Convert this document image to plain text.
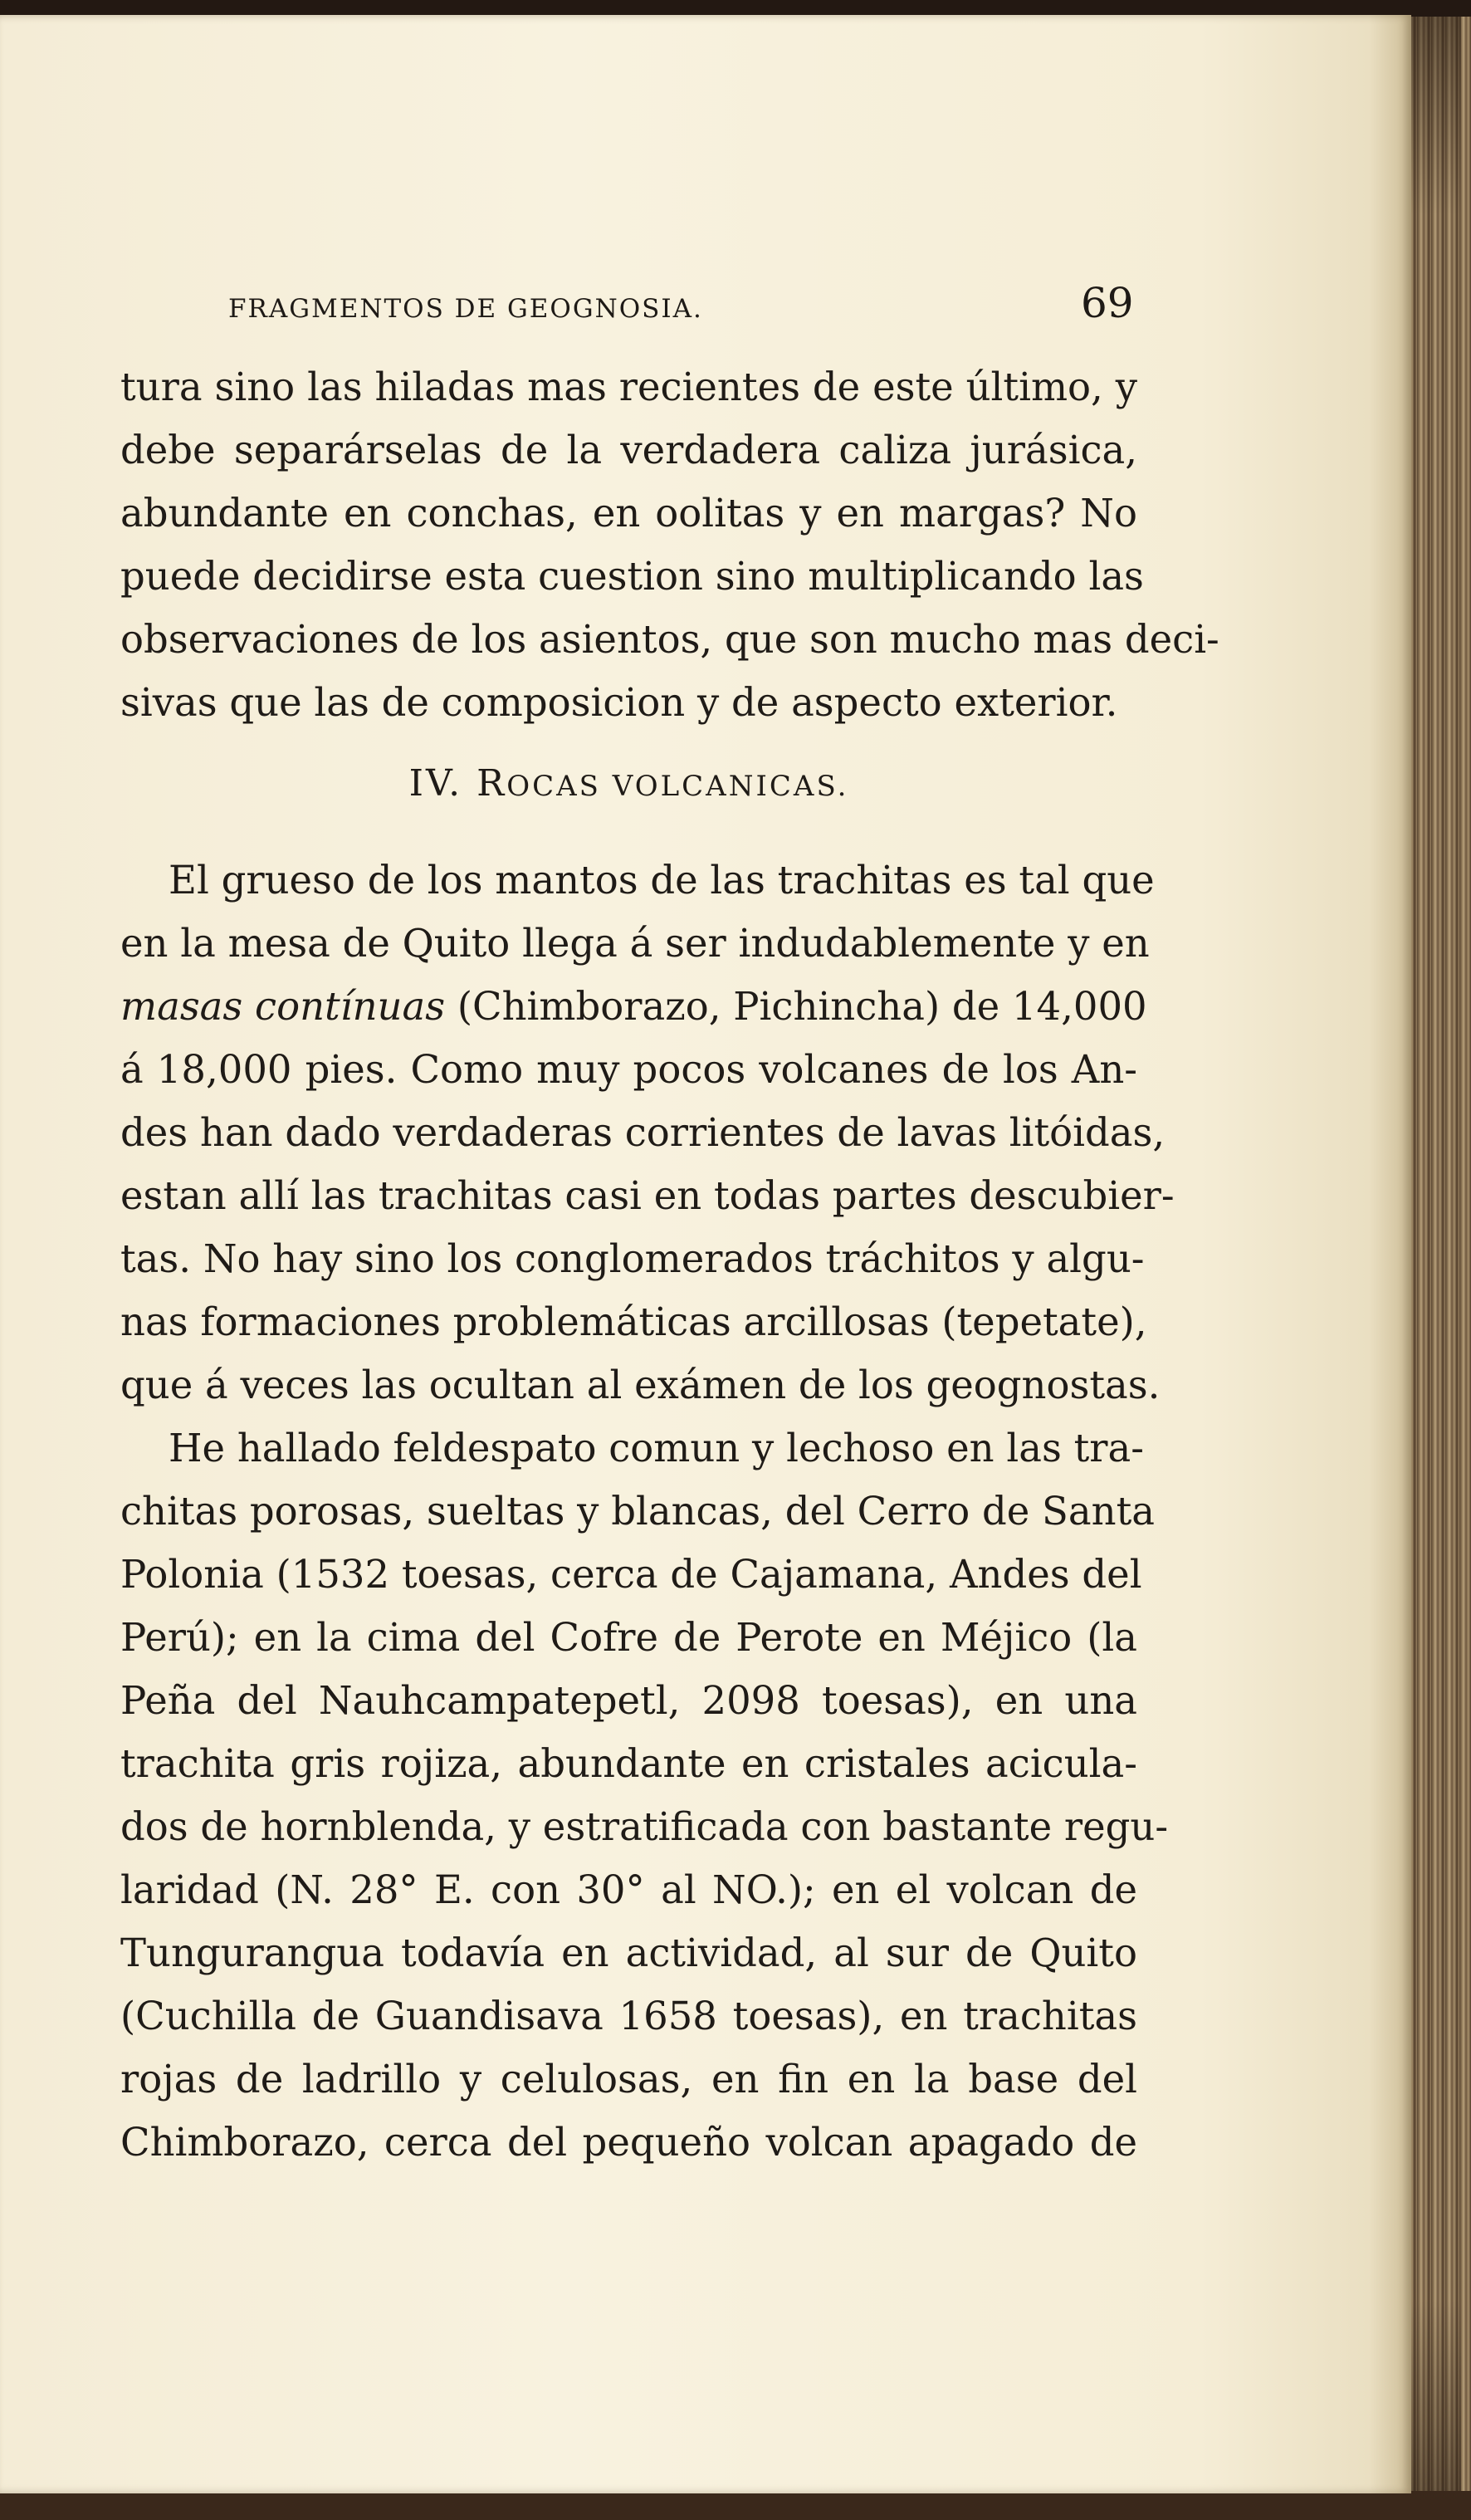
FRAGMENTOS DE GEOGNOSIA.	69
tura sino las hiladas mas recientes de este último, y
debe separárselas de la verdadera caliza jurásica,
abundante en conchas, en oolitas y en margas? No
puede decidirse esta cuestion sino multiplicando las
observaciones de los asientos, que son mucho mas deci-
sivas que las de composicion y de aspecto exterior.
IV. ROCAS VOLCANICAS.
El grueso de los mantos de las trachitas es tal que
en la mesa de Quito llega á ser indudablemente y en
masas contínuas (Chimborazo, Pichincha) de 14,000
á 18,000 pies. Como muy pocos volcanes de los An-
des han dado verdaderas corrientes de lavas litóidas,
estan allí las trachitas casi en todas partes descubier-
tas. No hay sino los conglomerados tráchitos y algu-
nas formaciones problemáticas arcillosas (tepetate),
que á veces las ocultan al exámen de los geognostas.
He hallado feldespato comun y lechoso en las tra-
chitas porosas, sueltas y blancas, del Cerro de Santa
Polonia (1532 toesas, cerca de Cajamana, Andes del
Perú); en la cima del Cofre de Perote en Méjico (la
Peña del Nauhcampatepetl, 2098 toesas), en una
trachita gris rojiza, abundante en cristales acicula-
dos de hornblenda, y estratificada con bastante regu-
laridad (N. 28° E. con 30° al NO.); en el volcan de
Tungurangua todavía en actividad, al sur de Quito
(Cuchilla de Guandisava 1658 toesas), en trachitas
rojas de ladrillo y celulosas, en fin en la base del
Chimborazo, cerca del pequeño volcan apagado de
